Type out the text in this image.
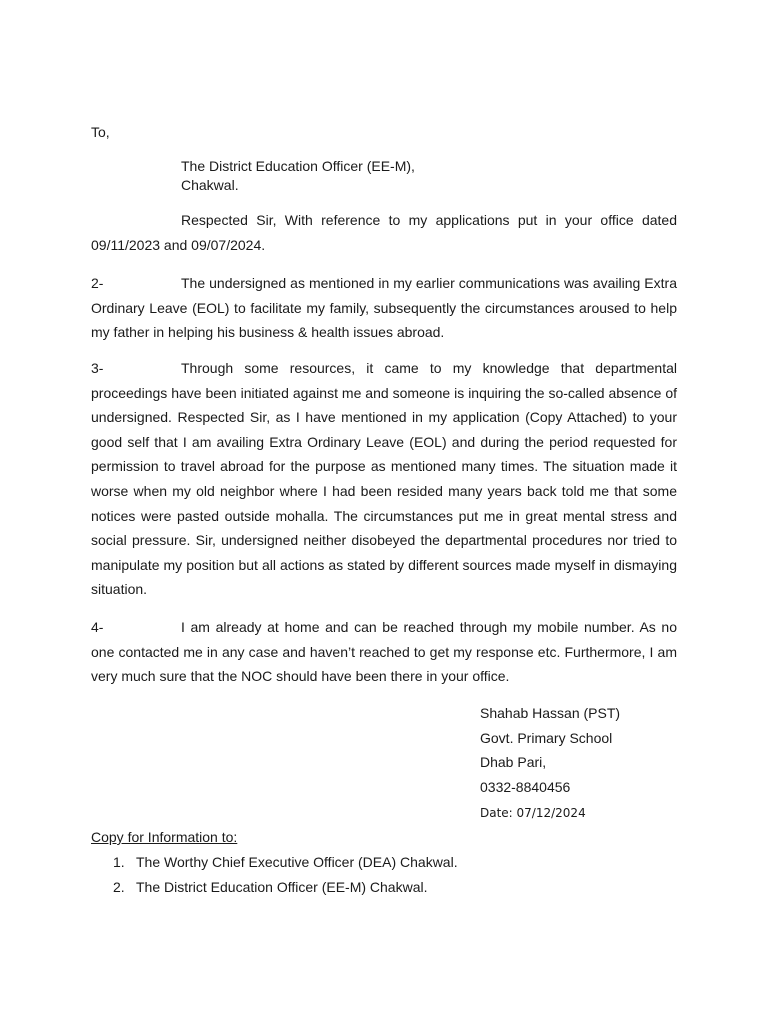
To,
The District Education Officer (EE-M),
Chakwal.
Respected Sir, With reference to my applications put in your office dated 09/11/2023 and 09/07/2024.
2-	The undersigned as mentioned in my earlier communications was availing Extra Ordinary Leave (EOL) to facilitate my family, subsequently the circumstances aroused to help my father in helping his business & health issues abroad.
3-	Through some resources, it came to my knowledge that departmental proceedings have been initiated against me and someone is inquiring the so-called absence of undersigned. Respected Sir, as I have mentioned in my application (Copy Attached) to your good self that I am availing Extra Ordinary Leave (EOL) and during the period requested for permission to travel abroad for the purpose as mentioned many times. The situation made it worse when my old neighbor where I had been resided many years back told me that some notices were pasted outside mohalla. The circumstances put me in great mental stress and social pressure. Sir, undersigned neither disobeyed the departmental procedures nor tried to manipulate my position but all actions as stated by different sources made myself in dismaying situation.
4-	I am already at home and can be reached through my mobile number. As no one contacted me in any case and haven’t reached to get my response etc. Furthermore, I am very much sure that the NOC should have been there in your office.
Shahab Hassan (PST)
Govt. Primary School
Dhab Pari,
0332-8840456
Date: 07/12/2024
Copy for Information to:
1. The Worthy Chief Executive Officer (DEA) Chakwal.
2. The District Education Officer (EE-M) Chakwal.
